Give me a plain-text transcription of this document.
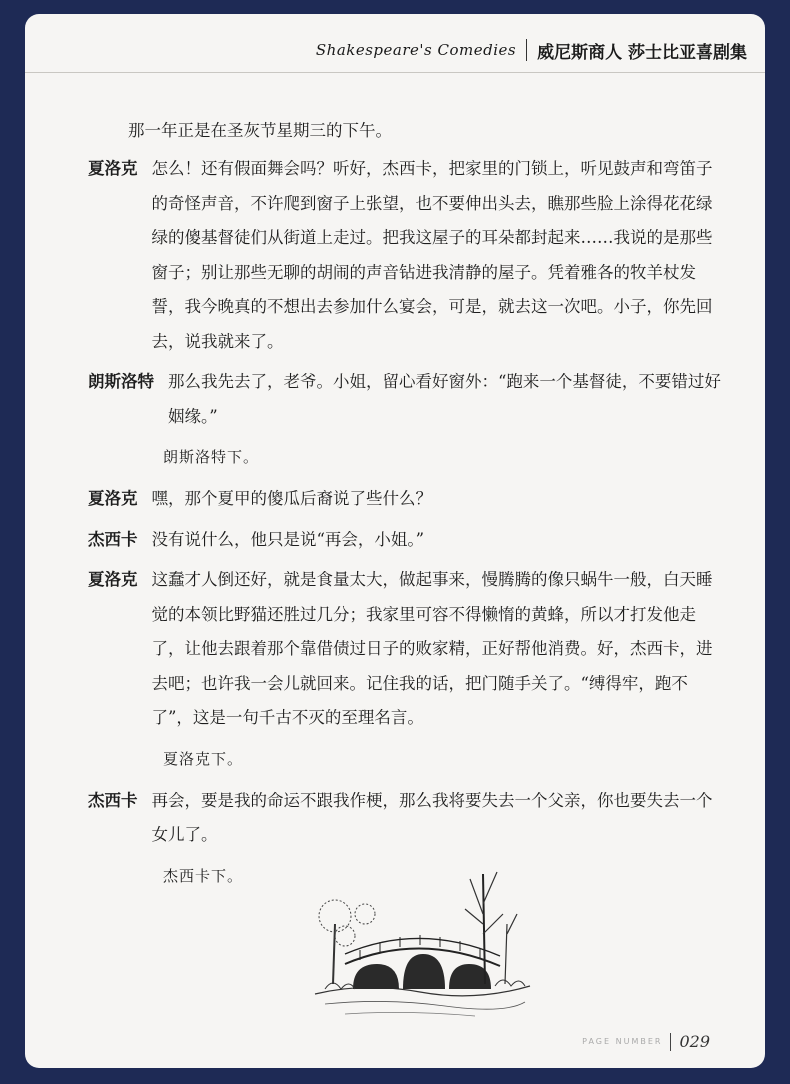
Shakespeare's Comedies 威尼斯商人 莎士比亚喜剧集

那一年正是在圣灰节星期三的下午。

夏洛克 怎么！还有假面舞会吗？听好，杰西卡，把家里的门锁上，听见鼓声和弯笛子的奇怪声音，不许爬到窗子上张望，也不要伸出头去，瞧那些脸上涂得花花绿绿的傻基督徒们从街道上走过。把我这屋子的耳朵都封起来……我说的是那些窗子；别让那些无聊的胡闹的声音钻进我清静的屋子。凭着雅各的牧羊杖发誓，我今晚真的不想出去参加什么宴会，可是，就去这一次吧。小子，你先回去，说我就来了。
朗斯洛特 那么我先去了，老爷。小姐，留心看好窗外：“跑来一个基督徒，不要错过好姻缘。”
朗斯洛特下。
夏洛克 嘿，那个夏甲的傻瓜后裔说了些什么？
杰西卡 没有说什么，他只是说“再会，小姐。”
夏洛克 这蠢才人倒还好，就是食量太大，做起事来，慢腾腾的像只蜗牛一般，白天睡觉的本领比野猫还胜过几分；我家里可容不得懒惰的黄蜂，所以才打发他走了，让他去跟着那个靠借债过日子的败家精，正好帮他消费。好，杰西卡，进去吧；也许我一会儿就回来。记住我的话，把门随手关了。“缚得牢，跑不了”，这是一句千古不灭的至理名言。
夏洛克下。
杰西卡 再会，要是我的命运不跟我作梗，那么我将要失去一个父亲，你也要失去一个女儿了。
杰西卡下。
PAGE NUMBER 029
